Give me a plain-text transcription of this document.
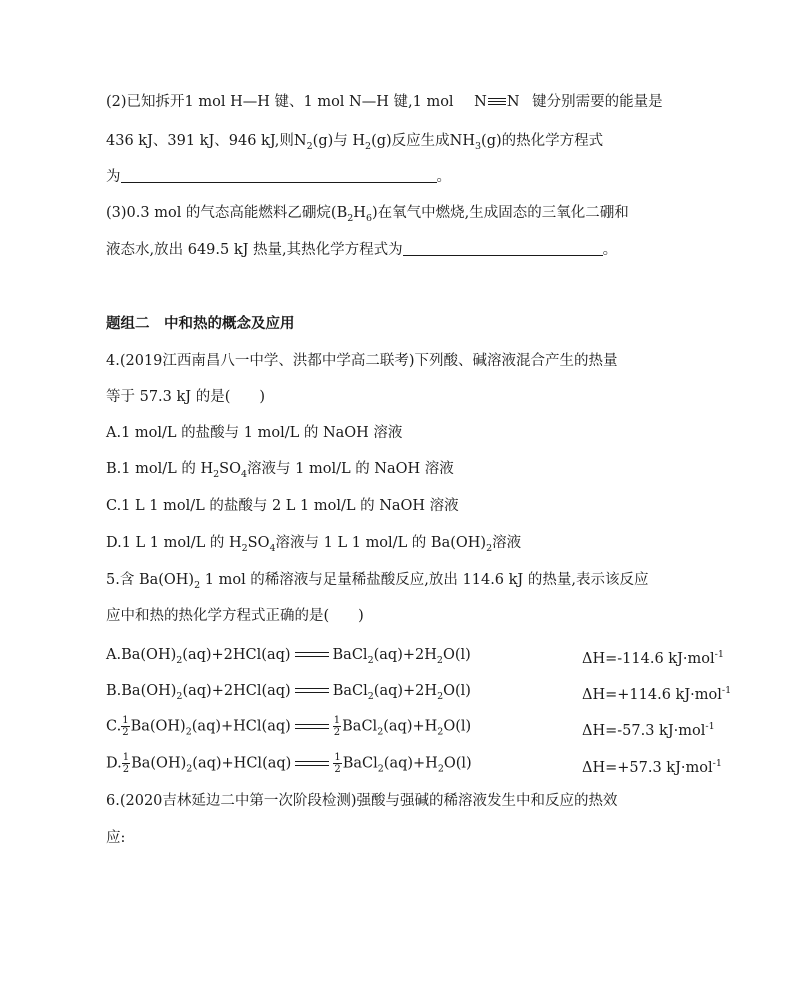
(2)已知拆开1 mol H—H 键、1 mol N—H 键,1 mol N N 键分别需要的能量是
436 kJ、391 kJ、946 kJ,则$N_2(g)$与 $H_2(g)$反应生成$NH_3(g)$的热化学方程式
为	。
(3)0.3 mol 的气态高能燃料乙硼烷$(B_2H_6)$在氧气中燃烧,生成固态的三氧化二硼和
液态水,放出 649.5 kJ 热量,其热化学方程式为	。
题组二　中和热的概念及应用
4.(2019江西南昌八一中学、洪都中学高二联考)下列酸、碱溶液混合产生的热量
等于 57.3 kJ 的是(　　)
A.1 mol/L 的盐酸与 1 mol/L 的 NaOH 溶液
B.1 mol/L 的 $H_2SO_4$溶液与 1 mol/L 的 NaOH 溶液
C.1 L 1 mol/L 的盐酸与 2 L 1 mol/L 的 NaOH 溶液
D.1 L 1 mol/L 的 $H_2SO_4$溶液与 1 L 1 mol/L 的 $Ba(OH)_2$溶液
5.含 $Ba(OH)_2$ 1 mol 的稀溶液与足量稀盐酸反应,放出 114.6 kJ 的热量,表示该反应
应中和热的热化学方程式正确的是(　　)
$A.Ba(OH)_2(aq)+2HCl(aq)$	$BaCl_2(aq)+2H_2O(l)$	ΔH=-114.6 kJ·mol$^{-1}$
$B.Ba(OH)_2(aq)+2HCl(aq)$	$BaCl_2(aq)+2H_2O(l)$	ΔH=+114.6 kJ·mol$^{-1}$
C. $\frac{1}{2} Ba(OH)_2(aq)+HCl(aq)$	$\frac{1}{2}$ $BaCl_2(aq)+H_2O(l)$	ΔH=-57.3 kJ·mol$^{-1}$
D. $\frac{1}{2} Ba(OH)_2(aq)+HCl(aq)$	$\frac{1}{2}$ $BaCl_2(aq)+H_2O(l)$	ΔH=+57.3 kJ·mol$^{-1}$
6.(2020吉林延边二中第一次阶段检测)强酸与强碱的稀溶液发生中和反应的热效
应:
